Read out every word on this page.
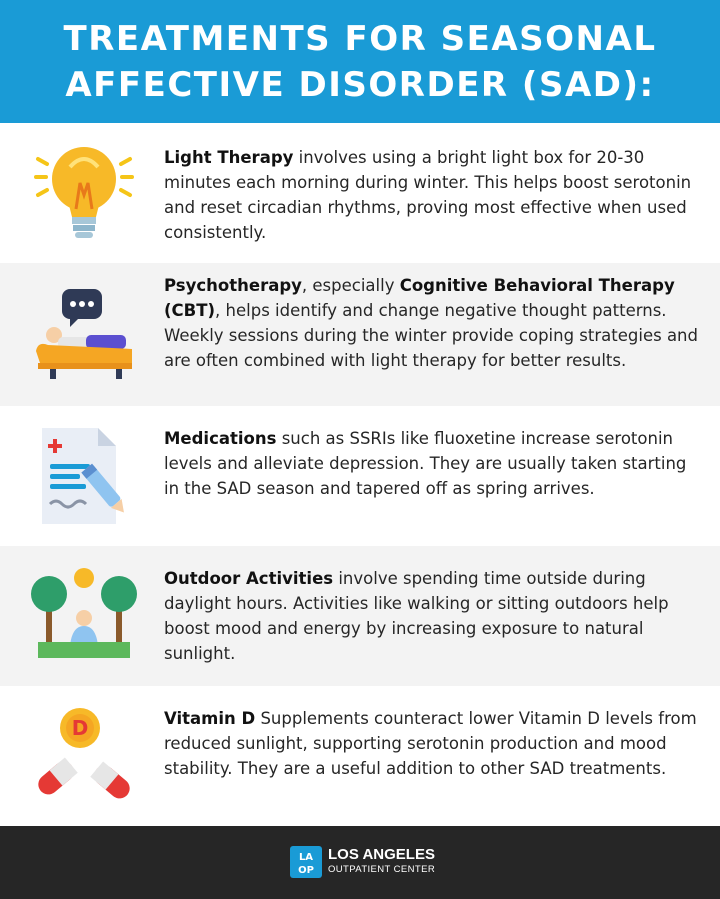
TREATMENTS FOR SEASONAL
AFFECTIVE DISORDER (SAD):
Light Therapy involves using a bright light box for 20-30 minutes each morning during winter. This helps boost serotonin and reset circadian rhythms, proving most effective when used consistently.
Psychotherapy, especially Cognitive Behavioral Therapy (CBT), helps identify and change negative thought patterns. Weekly sessions during the winter provide coping strategies and are often combined with light therapy for better results.
Medications such as SSRIs like fluoxetine increase serotonin levels and alleviate depression. They are usually taken starting in the SAD season and tapered off as spring arrives.
Outdoor Activities involve spending time outside during daylight hours. Activities like walking or sitting outdoors help boost mood and energy by increasing exposure to natural sunlight.
D	Vitamin D Supplements counteract lower Vitamin D levels from reduced sunlight, supporting serotonin production and mood stability. They are a useful addition to other SAD treatments.
LA
OP
LOS ANGELES
OUTPATIENT CENTER
